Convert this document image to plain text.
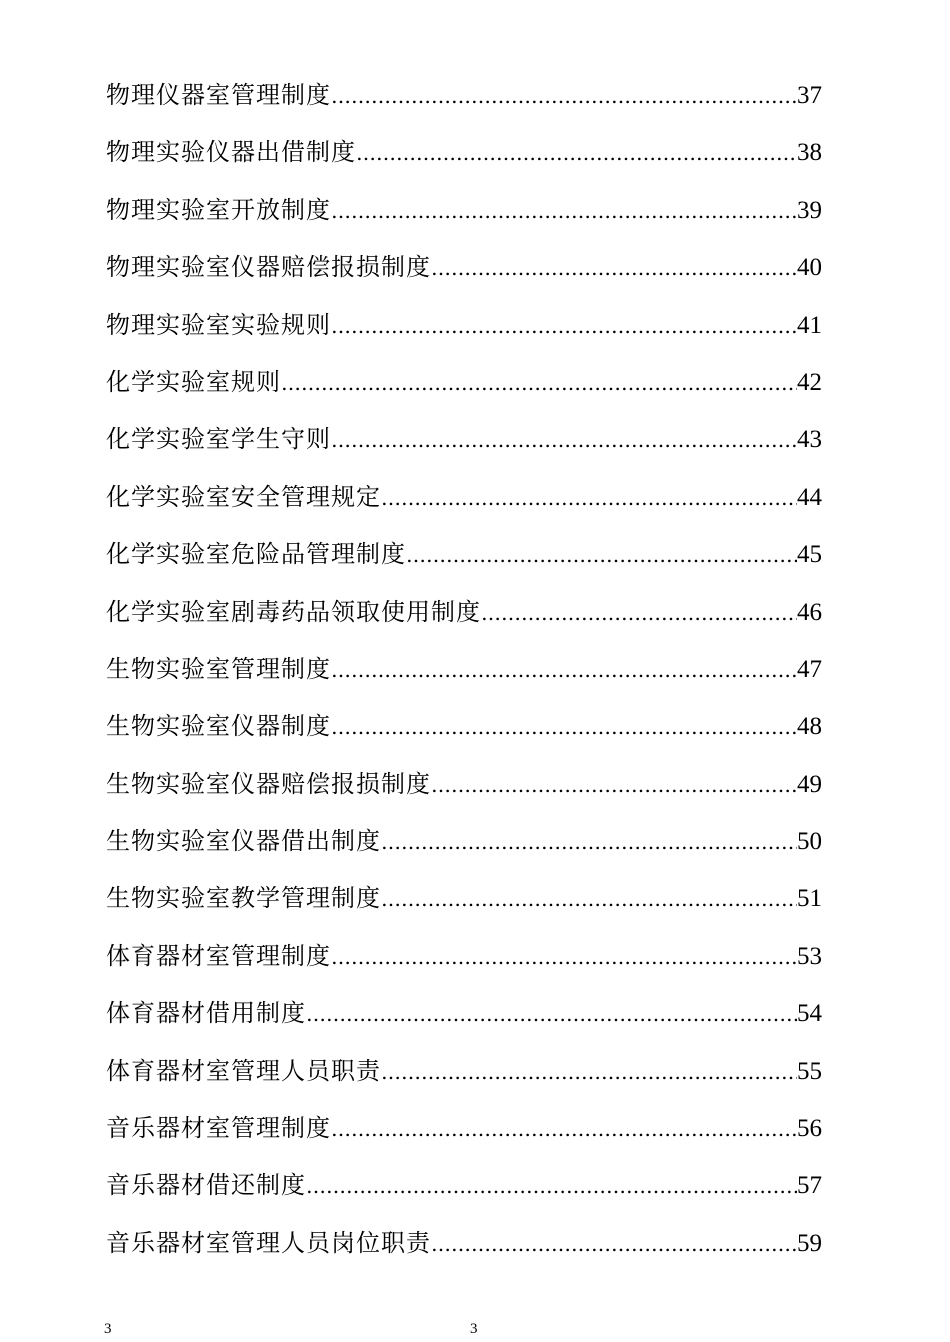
物理仪器室管理制度 ………………………………………………………………………………………………………………………………	37
物理实验仪器出借制度 ………………………………………………………………………………………………………………………………	38
物理实验室开放制度 ………………………………………………………………………………………………………………………………	39
物理实验室仪器赔偿报损制度 ………………………………………………………………………………………………………………………………	40
物理实验室实验规则 ………………………………………………………………………………………………………………………………	41
化学实验室规则 ………………………………………………………………………………………………………………………………	42
化学实验室学生守则 ………………………………………………………………………………………………………………………………	43
化学实验室安全管理规定 ………………………………………………………………………………………………………………………………	44
化学实验室危险品管理制度 ………………………………………………………………………………………………………………………………	45
化学实验室剧毒药品领取使用制度 ………………………………………………………………………………………………………………………………	46
生物实验室管理制度 ………………………………………………………………………………………………………………………………	47
生物实验室仪器制度 ………………………………………………………………………………………………………………………………	48
生物实验室仪器赔偿报损制度 ………………………………………………………………………………………………………………………………	49
生物实验室仪器借出制度 ………………………………………………………………………………………………………………………………	50
生物实验室教学管理制度 ………………………………………………………………………………………………………………………………	51
体育器材室管理制度 ………………………………………………………………………………………………………………………………	53
体育器材借用制度 ………………………………………………………………………………………………………………………………	54
体育器材室管理人员职责 ………………………………………………………………………………………………………………………………	55
音乐器材室管理制度 ………………………………………………………………………………………………………………………………	56
音乐器材借还制度 ………………………………………………………………………………………………………………………………	57
音乐器材室管理人员岗位职责 ………………………………………………………………………………………………………………………………	59
3	3
